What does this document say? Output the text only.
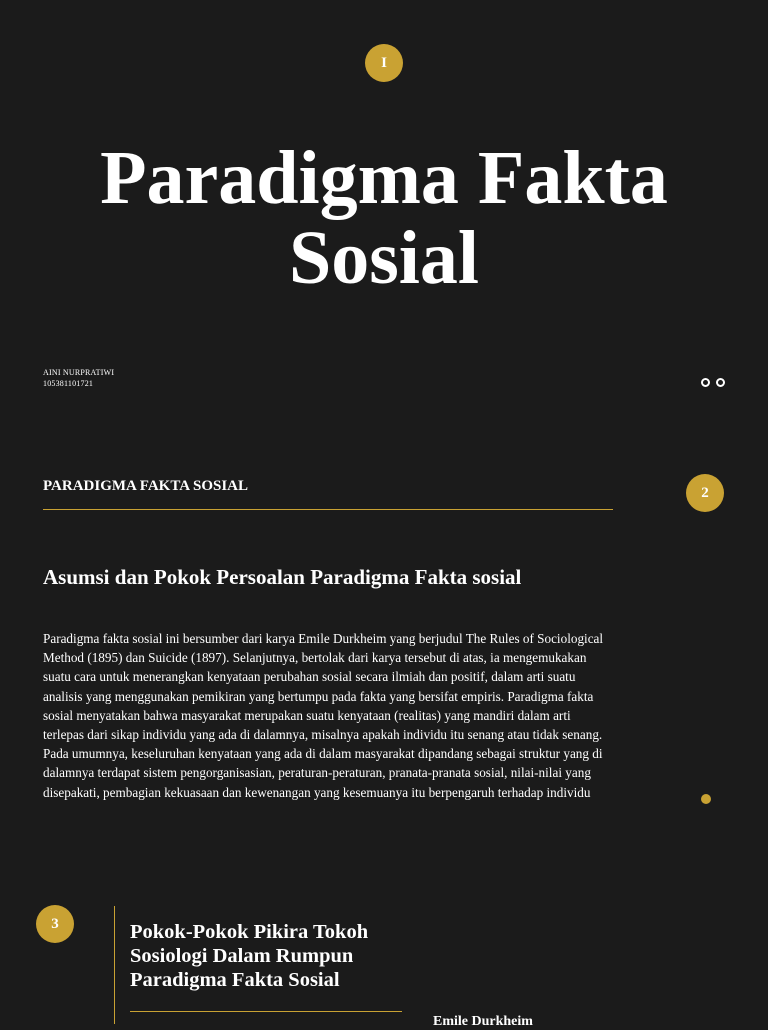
I
Paradigma Fakta
Sosial
AINI NURPRATIWI
105381101721
PARADIGMA FAKTA SOSIAL	2
Asumsi dan Pokok Persoalan Paradigma Fakta sosial

Paradigma fakta sosial ini bersumber dari karya Emile Durkheim yang berjudul The Rules of Sociological Method (1895) dan Suicide (1897). Selanjutnya, bertolak dari karya tersebut di atas, ia mengemukakan suatu cara untuk menerangkan kenyataan perubahan sosial secara ilmiah dan positif, dalam arti suatu analisis yang menggunakan pemikiran yang bertumpu pada fakta yang bersifat empiris. Paradigma fakta sosial menyatakan bahwa masyarakat merupakan suatu kenyataan (realitas) yang mandiri dalam arti terlepas dari sikap individu yang ada di dalamnya, misalnya apakah individu itu senang atau tidak senang. Pada umumnya, keseluruhan kenyataan yang ada di dalam masyarakat dipandang sebagai struktur yang di dalamnya terdapat sistem pengorganisasian, peraturan-peraturan, pranata-pranata sosial, nilai-nilai yang disepakati, pembagian kekuasaan dan kewenangan yang kesemuanya itu berpengaruh terhadap individu

3	Pokok-Pokok Pikira Tokoh
Sosiologi Dalam Rumpun
Paradigma Fakta Sosial
Emile Durkheim
